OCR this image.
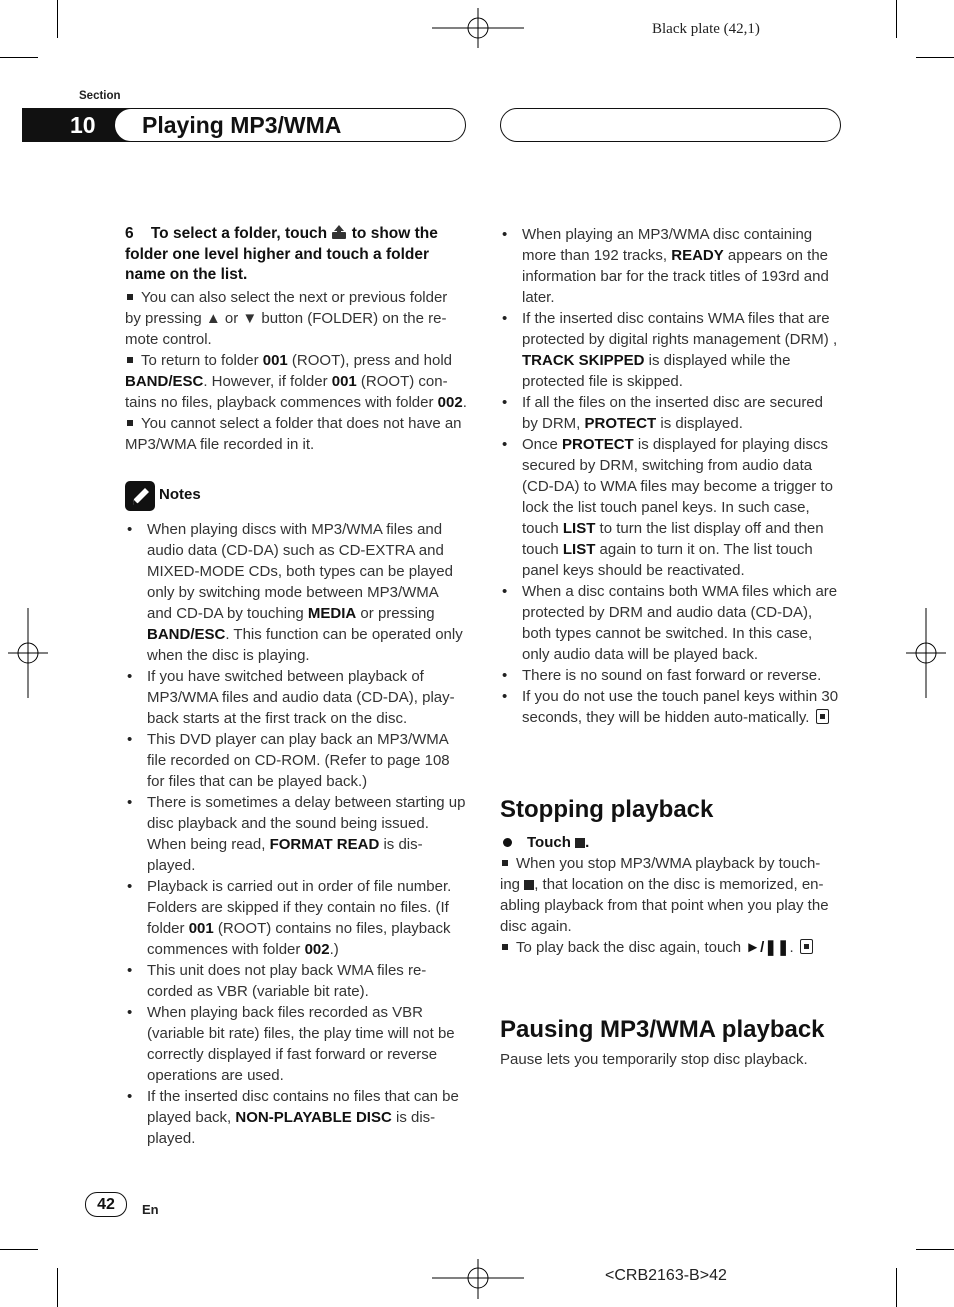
Black plate (42,1)
Section
10	Playing MP3/WMA
6 To select a folder, touch to show the folder one level higher and touch a folder name on the list.

You can also select the next or previous folder by pressing ▲ or ▼ button (FOLDER) on the re-mote control.

To return to folder 001 (ROOT), press and hold BAND/ESC. However, if folder 001 (ROOT) con-tains no files, playback commences with folder 002.

You cannot select a folder that does not have an MP3/WMA file recorded in it.

Notes
• When playing discs with MP3/WMA files and audio data (CD-DA) such as CD-EXTRA and MIXED-MODE CDs, both types can be played only by switching mode between MP3/WMA and CD-DA by touching MEDIA or pressing BAND/ESC. This function can be operated only when the disc is playing.
• If you have switched between playback of MP3/WMA files and audio data (CD-DA), play-back starts at the first track on the disc.
• This DVD player can play back an MP3/WMA file recorded on CD-ROM. (Refer to page 108 for files that can be played back.)
• There is sometimes a delay between starting up disc playback and the sound being issued. When being read, FORMAT READ is dis-played.
• Playback is carried out in order of file number. Folders are skipped if they contain no files. (If folder 001 (ROOT) contains no files, playback commences with folder 002.)
• This unit does not play back WMA files re-corded as VBR (variable bit rate).
• When playing back files recorded as VBR (variable bit rate) files, the play time will not be correctly displayed if fast forward or reverse operations are used.
• If the inserted disc contains no files that can be played back, NON-PLAYABLE DISC is dis-played.
• When playing an MP3/WMA disc containing more than 192 tracks, READY appears on the information bar for the track titles of 193rd and later.
• If the inserted disc contains WMA files that are protected by digital rights management (DRM) , TRACK SKIPPED is displayed while the protected file is skipped.
• If all the files on the inserted disc are secured by DRM, PROTECT is displayed.
• Once PROTECT is displayed for playing discs secured by DRM, switching from audio data (CD-DA) to WMA files may become a trigger to lock the list touch panel keys. In such case, touch LIST to turn the list display off and then touch LIST again to turn it on. The list touch panel keys should be reactivated.
• When a disc contains both WMA files which are protected by DRM and audio data (CD-DA), both types cannot be switched. In this case, only audio data will be played back.
• There is no sound on fast forward or reverse.
• If you do not use the touch panel keys within 30 seconds, they will be hidden auto-matically.
Stopping playback
Touch .

When you stop MP3/WMA playback by touch-ing , that location on the disc is memorized, en-abling playback from that point when you play the disc again.

To play back the disc again, touch ►/❚❚.

Pausing MP3/WMA playback

Pause lets you temporarily stop disc playback.

42	En
<CRB2163-B>42
